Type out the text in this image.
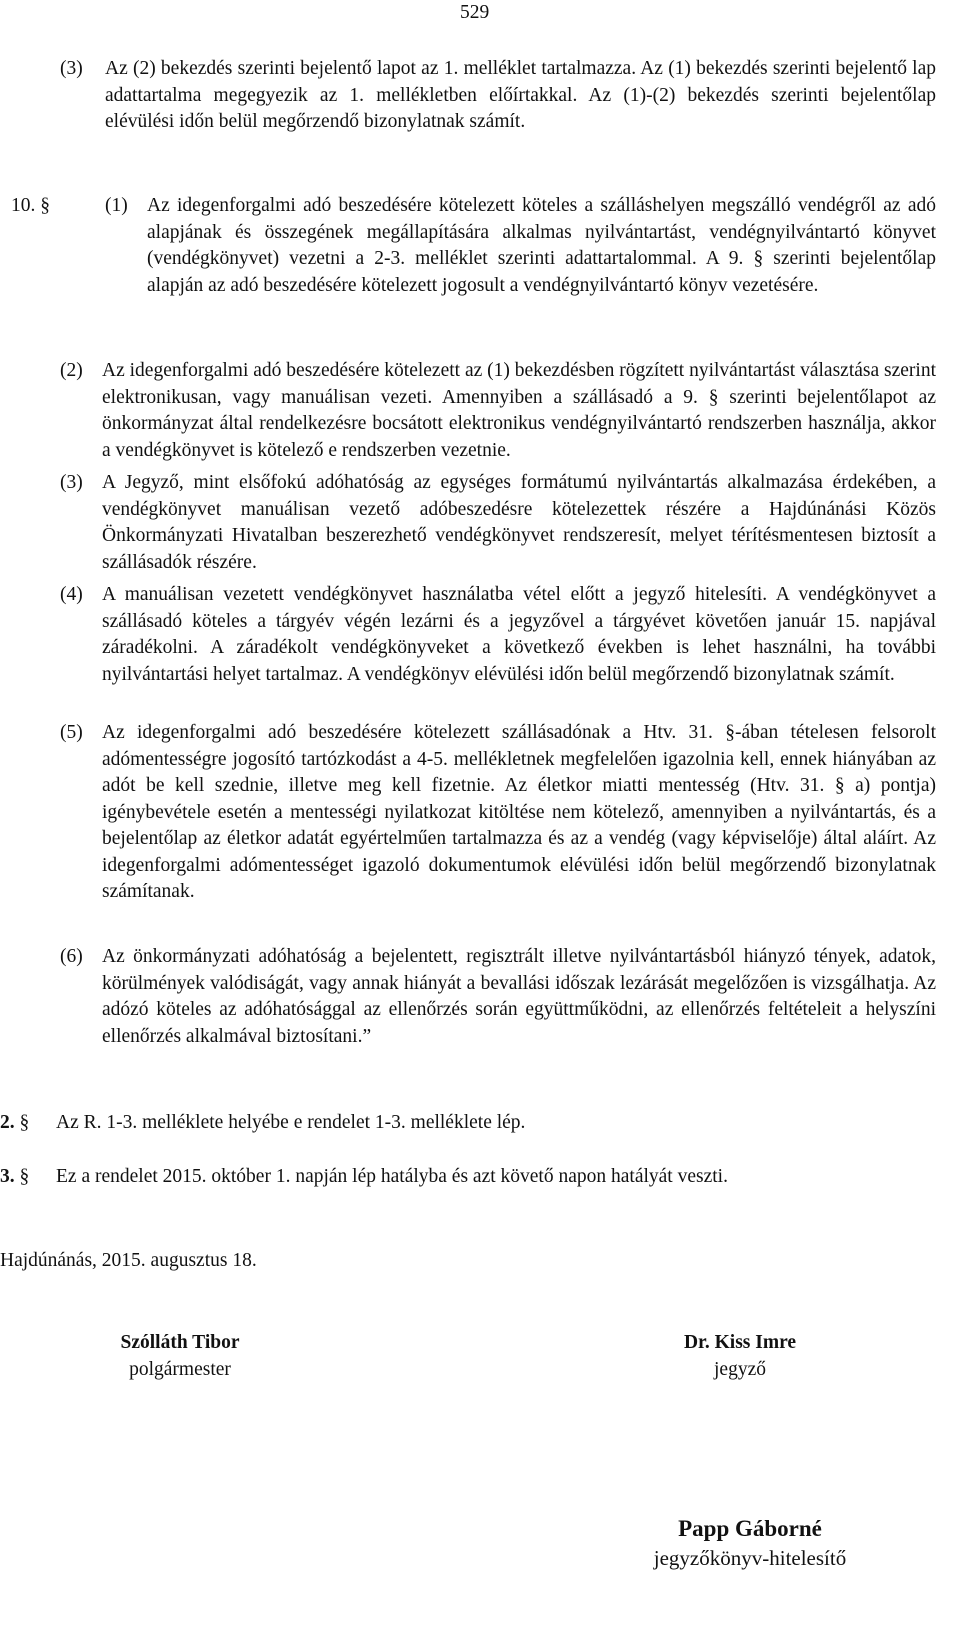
529
(3)	Az (2) bekezdés szerinti bejelentő lapot az 1. melléklet tartalmazza. Az (1) bekezdés szerinti bejelentő lap adattartalma megegyezik az 1. mellékletben előírtakkal. Az (1)-(2) bekezdés szerinti bejelentőlap elévülési időn belül megőrzendő bizonylatnak számít.
10. §	(1) Az idegenforgalmi adó beszedésére kötelezett köteles a szálláshelyen megszálló vendégről az adó alapjának és összegének megállapítására alkalmas nyilvántartást, vendégnyilvántartó könyvet (vendégkönyvet) vezetni a 2-3. melléklet szerinti adattartalommal. A 9. § szerinti bejelentőlap alapján az adó beszedésére kötelezett jogosult a vendégnyilvántartó könyv vezetésére.
(2) Az idegenforgalmi adó beszedésére kötelezett az (1) bekezdésben rögzített nyilvántartást választása szerint elektronikusan, vagy manuálisan vezeti. Amennyiben a szállásadó a 9. § szerinti bejelentőlapot az önkormányzat által rendelkezésre bocsátott elektronikus vendégnyilvántartó rendszerben használja, akkor a vendégkönyvet is kötelező e rendszerben vezetnie.
(3) A Jegyző, mint elsőfokú adóhatóság az egységes formátumú nyilvántartás alkalmazása érdekében, a vendégkönyvet manuálisan vezető adóbeszedésre kötelezettek részére a Hajdúnánási Közös Önkormányzati Hivatalban beszerezhető vendégkönyvet rendszeresít, melyet térítésmentesen biztosít a szállásadók részére.
(4) A manuálisan vezetett vendégkönyvet használatba vétel előtt a jegyző hitelesíti. A vendégkönyvet a szállásadó köteles a tárgyév végén lezárni és a jegyzővel a tárgyévet követően január 15. napjával záradékolni. A záradékolt vendégkönyveket a következő években is lehet használni, ha további nyilvántartási helyet tartalmaz. A vendégkönyv elévülési időn belül megőrzendő bizonylatnak számít.
(5) Az idegenforgalmi adó beszedésére kötelezett szállásadónak a Htv. 31. §-ában tételesen felsorolt adómentességre jogosító tartózkodást a 4-5. mellékletnek megfelelően igazolnia kell, ennek hiányában az adót be kell szednie, illetve meg kell fizetnie. Az életkor miatti mentesség (Htv. 31. § a) pontja) igénybevétele esetén a mentességi nyilatkozat kitöltése nem kötelező, amennyiben a nyilvántartás, és a bejelentőlap az életkor adatát egyértelműen tartalmazza és az a vendég (vagy képviselője) által aláírt. Az idegenforgalmi adómentességet igazoló dokumentumok elévülési időn belül megőrzendő bizonylatnak számítanak.
(6) Az önkormányzati adóhatóság a bejelentett, regisztrált illetve nyilvántartásból hiányzó tények, adatok, körülmények valódiságát, vagy annak hiányát a bevallási időszak lezárását megelőzően is vizsgálhatja. Az adózó köteles az adóhatósággal az ellenőrzés során együttműködni, az ellenőrzés feltételeit a helyszíni ellenőrzés alkalmával biztosítani.”
2. §	Az R. 1-3. melléklete helyébe e rendelet 1-3. melléklete lép.
3. §	Ez a rendelet 2015. október 1. napján lép hatályba és azt követő napon hatályát veszti.
Hajdúnánás, 2015. augusztus 18.
Szólláth Tibor
polgármester
Dr. Kiss Imre
jegyző
Papp Gáborné
jegyzőkönyv-hitelesítő
